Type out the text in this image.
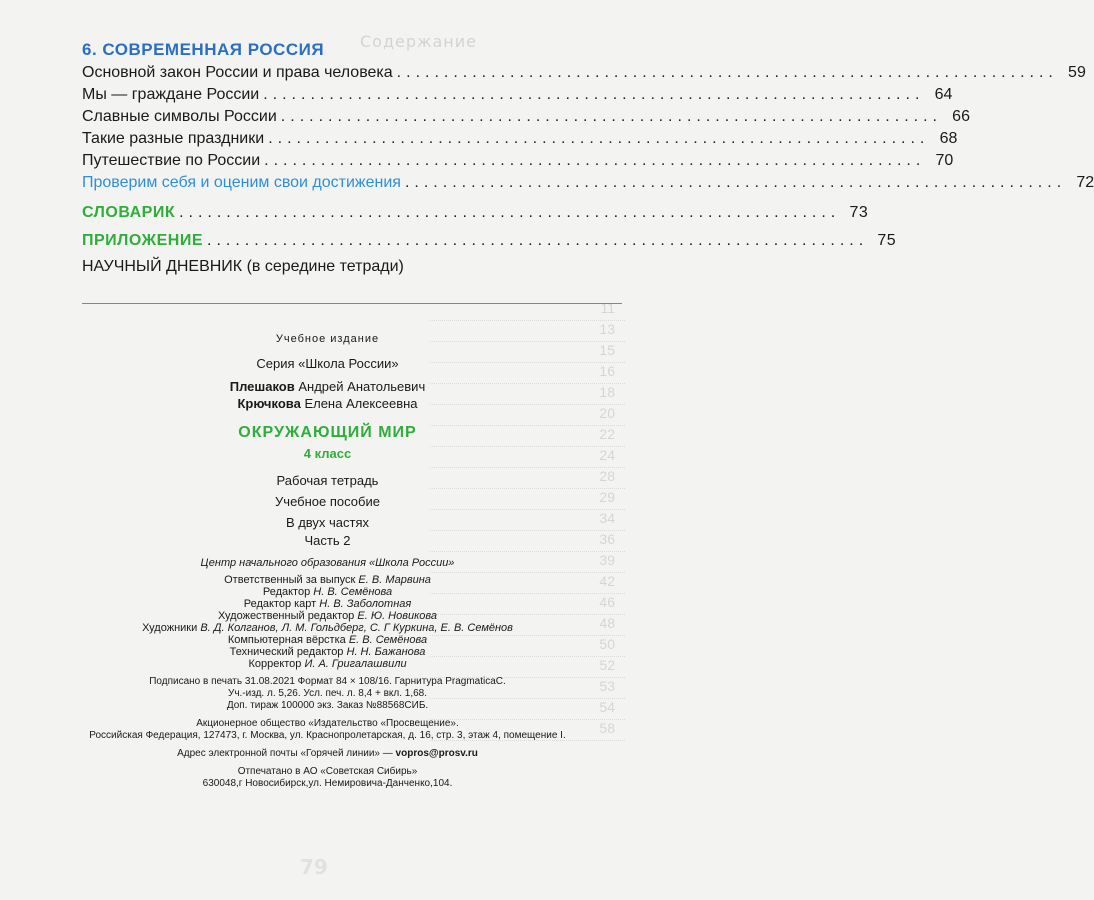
Содержание
11
13
15
16
18
20
22
24
28
29
34
36
39
42
46
48
50
52
53
54
58
79
6. СОВРЕМЕННАЯ РОССИЯ
Основной закон России и права человека ...................................................................... 59
Мы — граждане России ...................................................................... 64
Славные символы России ...................................................................... 66
Такие разные праздники ...................................................................... 68
Путешествие по России ...................................................................... 70
Проверим себя и оценим свои достижения ...................................................................... 72
СЛОВАРИК ...................................................................... 73
ПРИЛОЖЕНИЕ ...................................................................... 75
НАУЧНЫЙ ДНЕВНИК (в середине тетради)
Учебное издание
Серия «Школа России»
Плешаков Андрей Анатольевич
Крючкова Елена Алексеевна
ОКРУЖАЮЩИЙ МИР
4 класс
Рабочая тетрадь
Учебное пособие
В двух частях
Часть 2
Центр начального образования «Школа России»
Ответственный за выпуск Е. В. Марвина
Редактор Н. В. Семёнова
Редактор карт Н. В. Заболотная
Художественный редактор Е. Ю. Новикова
Художники В. Д. Колганов, Л. М. Гольдберг, С. Г Куркина, Е. В. Семёнов
Компьютерная вёрстка Е. В. Семёнова
Технический редактор Н. Н. Бажанова
Корректор И. А. Григалашвили
Подписано в печать 31.08.2021 Формат 84 × 108/16. Гарнитура PragmaticaC.
Уч.-изд. л. 5,26. Усл. печ. л. 8,4 + вкл. 1,68.
Доп. тираж 100000 экз. Заказ №88568СИБ.
Акционерное общество «Издательство «Просвещение».
Российская Федерация, 127473, г. Москва, ул. Краснопролетарская, д. 16, стр. 3, этаж 4, помещение I.
Адрес электронной почты «Горячей линии» — vopros@prosv.ru
Отпечатано в АО «Советская Сибирь»
630048,г Новосибирск,ул. Немировича-Данченко,104.
